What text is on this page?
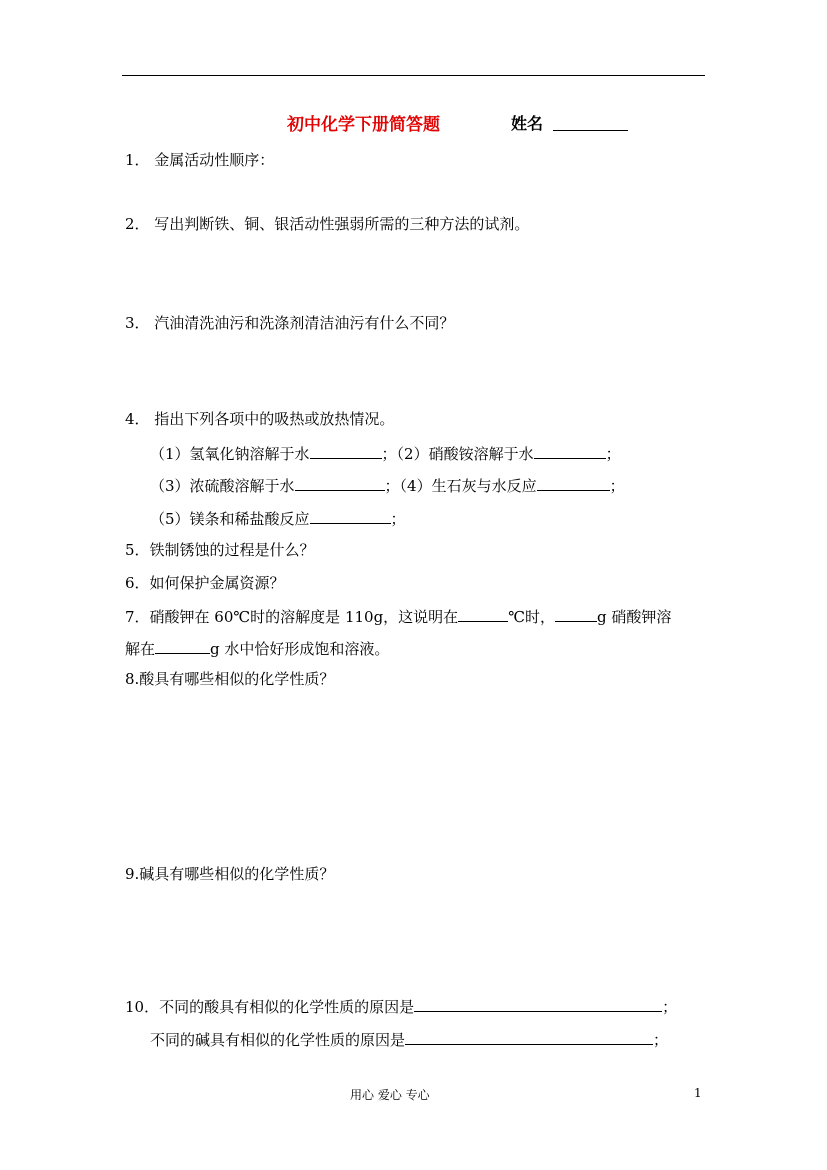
初中化学下册简答题	姓名
1． 金属活动性顺序：
2． 写出判断铁、铜、银活动性强弱所需的三种方法的试剂。
3． 汽油清洗油污和洗涤剂清洁油污有什么不同？
4． 指出下列各项中的吸热或放热情况。
（1）氢氧化钠溶解于水	；（2）硝酸铵溶解于水	；
（3）浓硫酸溶解于水	；（4）生石灰与水反应	；
（5）镁条和稀盐酸反应	；
5．铁制锈蚀的过程是什么？
6．如何保护金属资源？
7．硝酸钾在 60℃时的溶解度是 110g，这说明在	℃时，	g 硝酸钾溶
解在	g 水中恰好形成饱和溶液。
8.酸具有哪些相似的化学性质？
9.碱具有哪些相似的化学性质？
10．不同的酸具有相似的化学性质的原因是	；
不同的碱具有相似的化学性质的原因是	；
用心 爱心 专心	1
